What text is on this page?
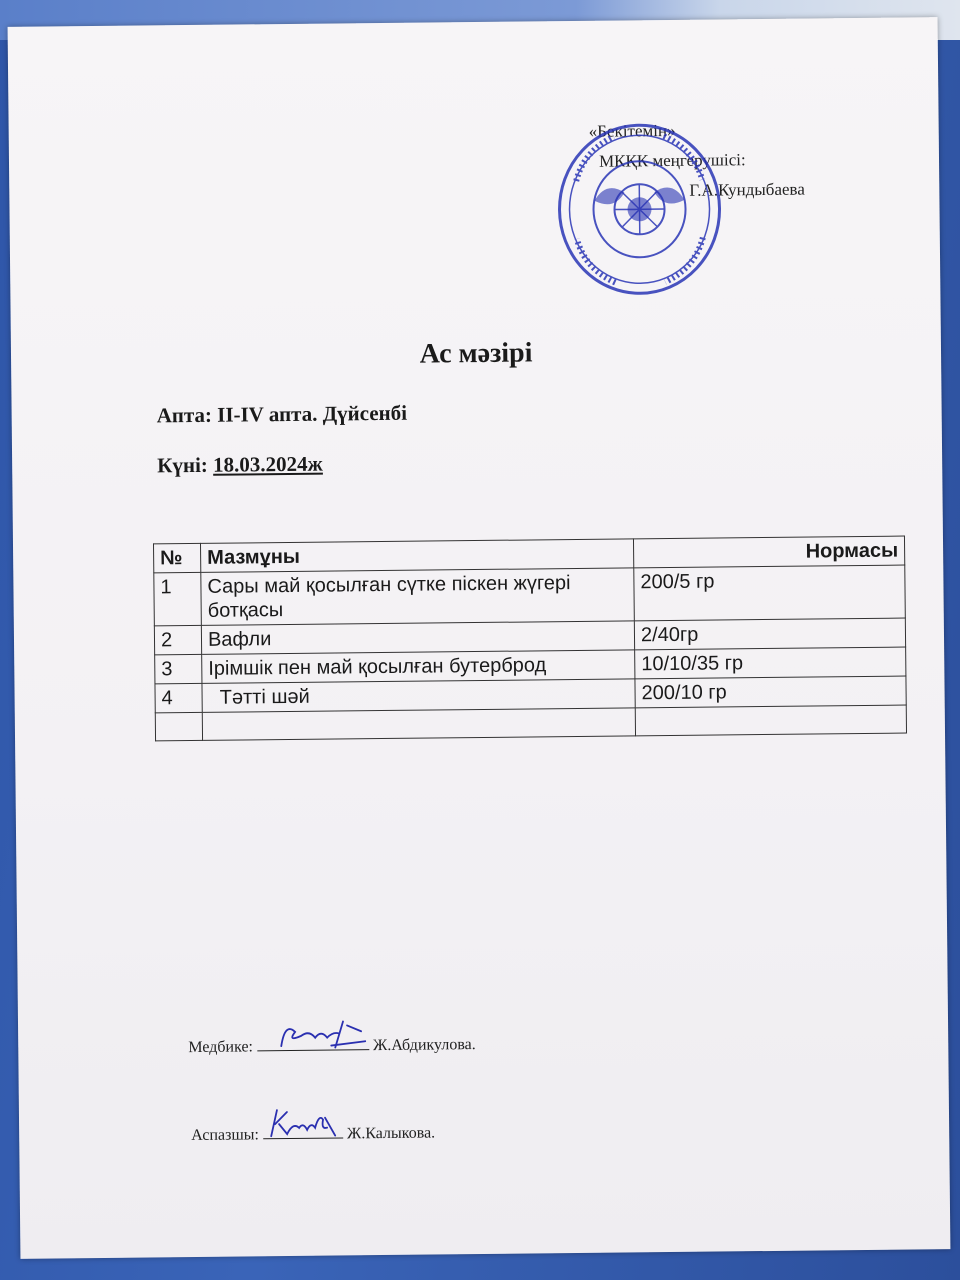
«Бекітемін»
МКҚК меңгерушісі:
Г.А.Кундыбаева
Ас мәзірі
Апта: ІІ-ІV апта. Дүйсенбі
Күні: 18.03.2024ж
№	Мазмұны	Нормасы
1	Сары май қосылған сүтке піскен жүгері ботқасы	200/5 гр
2	Вафли	2/40гр
3	Ірімшік пен май қосылған бутерброд	10/10/35 гр
4	Тәтті шәй	200/10 гр

Медбике:	Ж.Абдикулова.
Аспазшы:	Ж.Калыкова.
